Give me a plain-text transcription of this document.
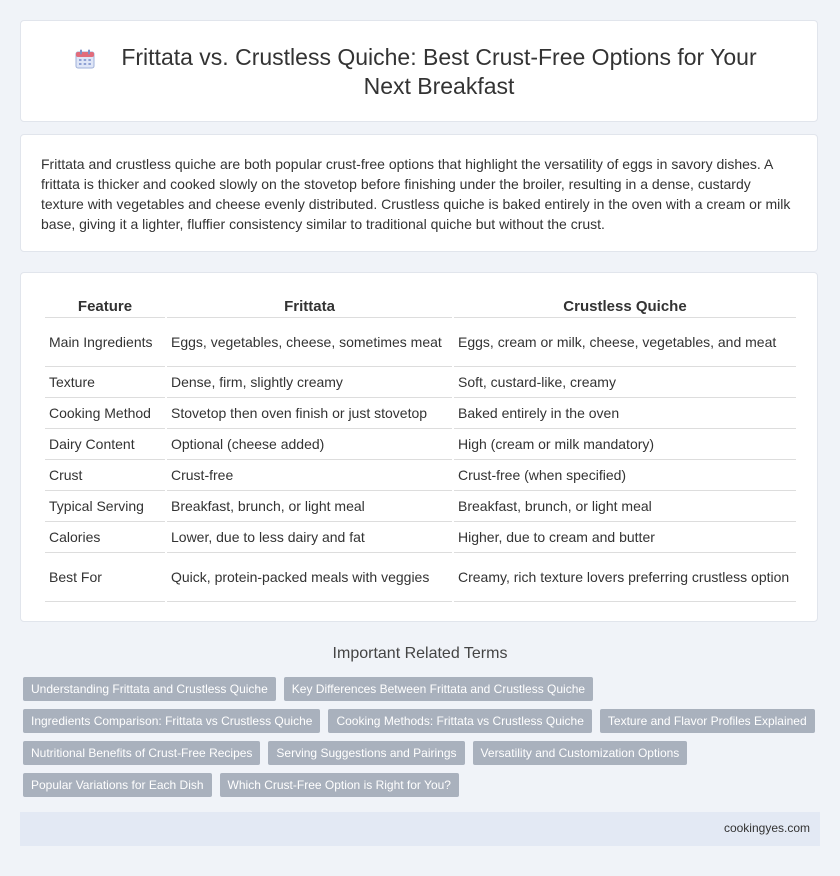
Frittata vs. Crustless Quiche: Best Crust-Free Options for Your Next Breakfast

Frittata and crustless quiche are both popular crust-free options that highlight the versatility of eggs in savory dishes. A frittata is thicker and cooked slowly on the stovetop before finishing under the broiler, resulting in a dense, custardy texture with vegetables and cheese evenly distributed. Crustless quiche is baked entirely in the oven with a cream or milk base, giving it a lighter, fluffier consistency similar to traditional quiche but without the crust.

Feature	Frittata	Crustless Quiche
Main Ingredients	Eggs, vegetables, cheese, sometimes meat	Eggs, cream or milk, cheese, vegetables, and meat
Texture	Dense, firm, slightly creamy	Soft, custard-like, creamy
Cooking Method	Stovetop then oven finish or just stovetop	Baked entirely in the oven
Dairy Content	Optional (cheese added)	High (cream or milk mandatory)
Crust	Crust-free	Crust-free (when specified)
Typical Serving	Breakfast, brunch, or light meal	Breakfast, brunch, or light meal
Calories	Lower, due to less dairy and fat	Higher, due to cream and butter
Best For	Quick, protein-packed meals with veggies	Creamy, rich texture lovers preferring crustless option
Important Related Terms
Understanding Frittata and Crustless Quiche	Key Differences Between Frittata and Crustless Quiche
Ingredients Comparison: Frittata vs Crustless Quiche	Cooking Methods: Frittata vs Crustless Quiche	Texture and Flavor Profiles Explained
Nutritional Benefits of Crust-Free Recipes	Serving Suggestions and Pairings	Versatility and Customization Options
Popular Variations for Each Dish	Which Crust-Free Option is Right for You?
cookingyes.com
